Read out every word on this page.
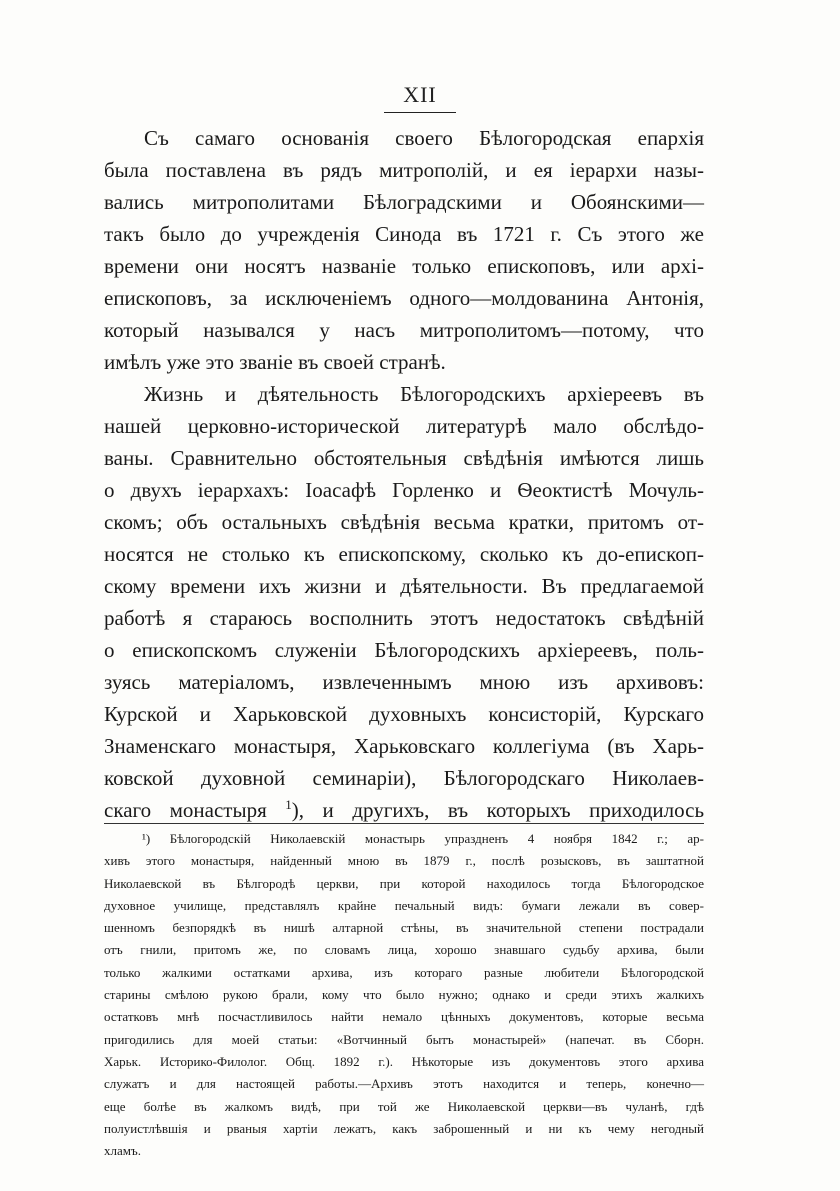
XII
Съ самаго основанія своего Бѣлогородская епархія
была поставлена въ рядъ митрополій, и ея іерархи назы-
вались митрополитами Бѣлоградскими и Обоянскими—
такъ было до учрежденія Синода въ 1721 г. Съ этого же
времени они носятъ названіе только епископовъ, или архі-
епископовъ, за исключеніемъ одного—молдованина Антонія,
который назывался у насъ митрополитомъ—потому, что
имѣлъ уже это званіе въ своей странѣ.
Жизнь и дѣятельность Бѣлогородскихъ архіереевъ въ
нашей церковно-исторической литературѣ мало обслѣдо-
ваны. Сравнительно обстоятельныя свѣдѣнія имѣются лишь
о двухъ іерархахъ: Іоасафѣ Горленко и Ѳеоктистѣ Мочуль-
скомъ; объ остальныхъ свѣдѣнія весьма кратки, притомъ от-
носятся не столько къ епископскому, сколько къ до-епископ-
скому времени ихъ жизни и дѣятельности. Въ предлагаемой
работѣ я стараюсь восполнить этотъ недостатокъ свѣдѣній
о епископскомъ служеніи Бѣлогородскихъ архіереевъ, поль-
зуясь матеріаломъ, извлеченнымъ мною изъ архивовъ:
Курской и Харьковской духовныхъ консисторій, Курскаго
Знаменскаго монастыря, Харьковскаго коллегіума (въ Харь-
ковской духовной семинаріи), Бѣлогородскаго Николаев-
скаго монастыря $^1$), и другихъ, въ которыхъ приходилось
¹) Бѣлогородскій Николаевскій монастырь упраздненъ 4 ноября 1842 г.; ар-
хивъ этого монастыря, найденный мною въ 1879 г., послѣ розысковъ, въ заштатной
Николаевской въ Бѣлгородѣ церкви, при которой находилось тогда Бѣлогородское
духовное училище, представлялъ крайне печальный видъ: бумаги лежали въ совер-
шенномъ безпорядкѣ въ нишѣ алтарной стѣны, въ значительной степени пострадали
отъ гнили, притомъ же, по словамъ лица, хорошо знавшаго судьбу архива, были
только жалкими остатками архива, изъ котораго разные любители Бѣлогородской
старины смѣлою рукою брали, кому что было нужно; однако и среди этихъ жалкихъ
остатковъ мнѣ посчастливилось найти немало цѣнныхъ документовъ, которые весьма
пригодились для моей статьи: «Вотчинный бытъ монастырей» (напечат. въ Сборн.
Харьк. Историко-Филолог. Общ. 1892 г.). Нѣкоторые изъ документовъ этого архива
служатъ и для настоящей работы.—Архивъ этотъ находится и теперь, конечно—
еще болѣе въ жалкомъ видѣ, при той же Николаевской церкви—въ чуланѣ, гдѣ
полуистлѣвшія и рваныя хартіи лежатъ, какъ заброшенный и ни къ чему негодный
хламъ.
